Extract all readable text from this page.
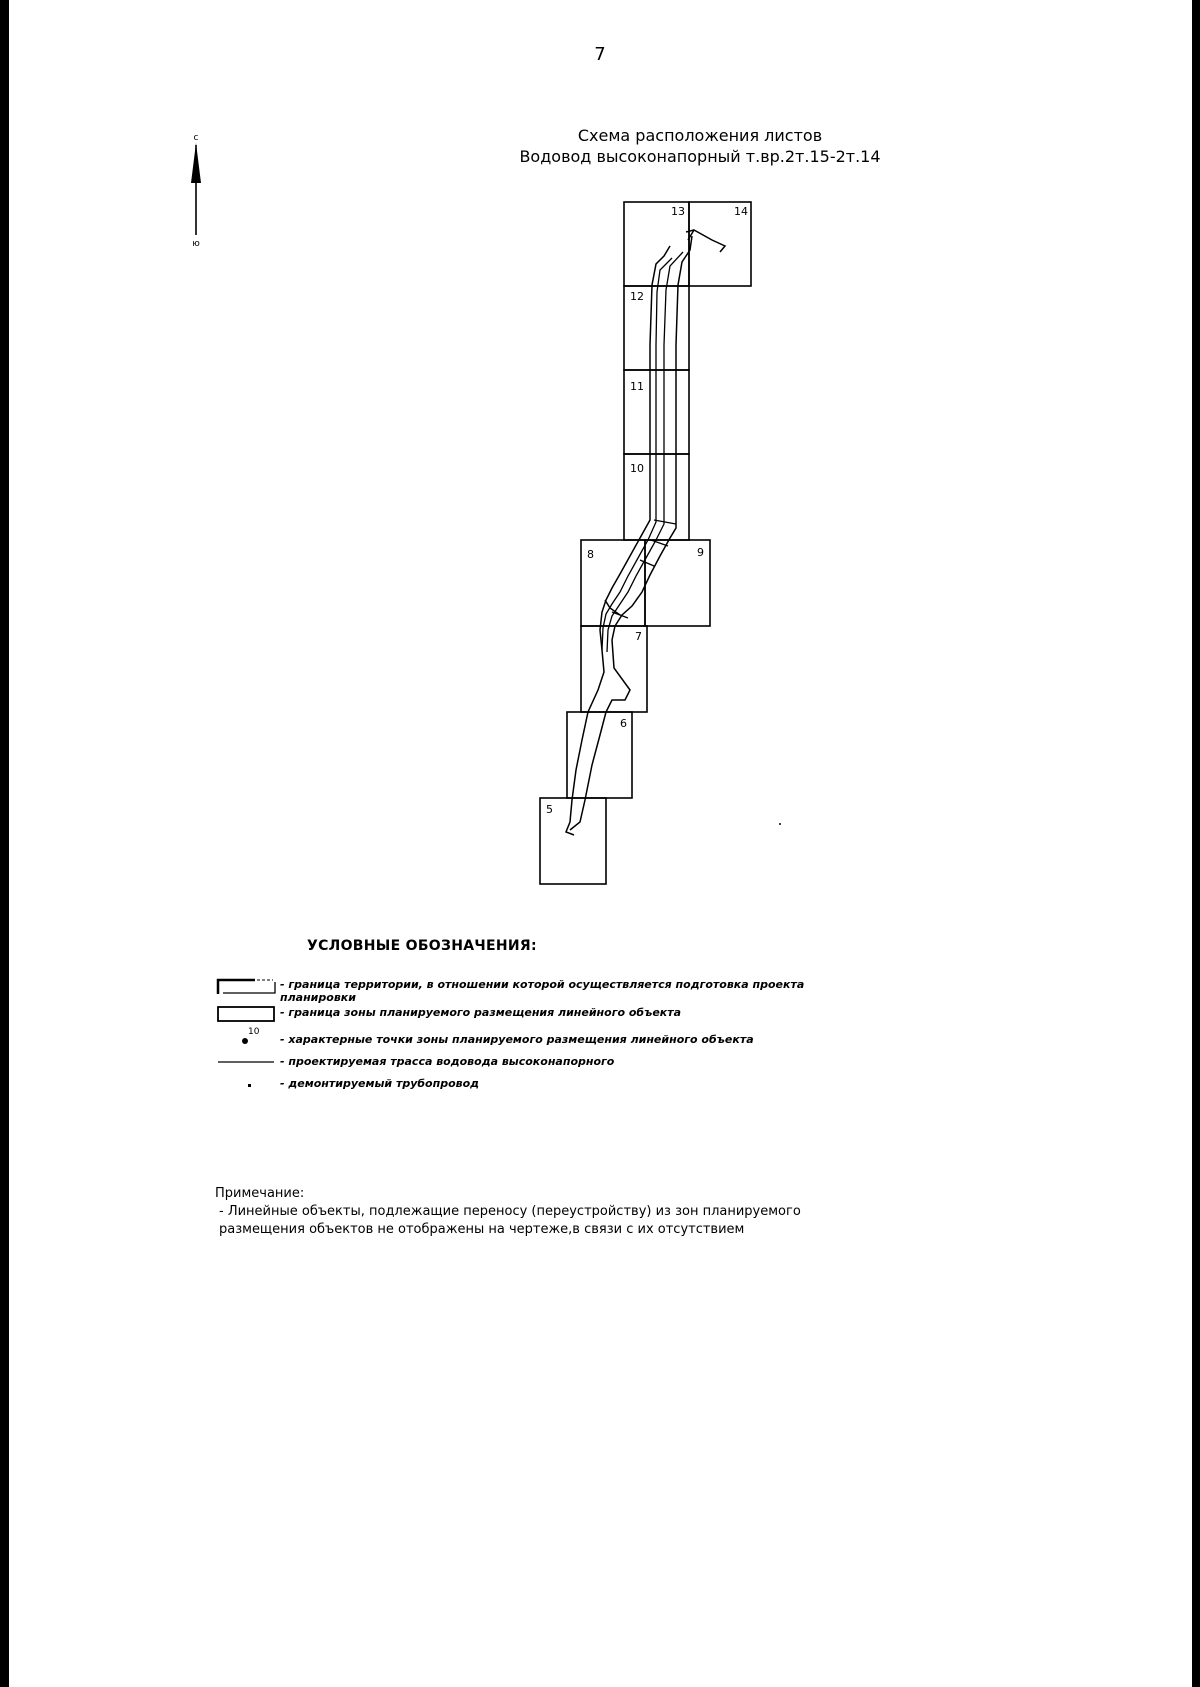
7
Схема расположения листов
Водовод высоконапорный т.вр.2т.15-2т.14
с
ю
13	14
12
11
10
8	9
7
6
5
УСЛОВНЫЕ ОБОЗНАЧЕНИЯ:
- граница территории, в отношении которой осуществляется подготовка проекта планировки
- граница зоны планируемого размещения линейного объекта
10
- характерные точки зоны планируемого размещения линейного объекта
- проектируемая трасса водовода высоконапорного
- демонтируемый трубопровод
Примечание:
- Линейные объекты, подлежащие переносу (переустройству) из зон планируемого
размещения объектов не отображены на чертеже,в связи с их отсутствием
